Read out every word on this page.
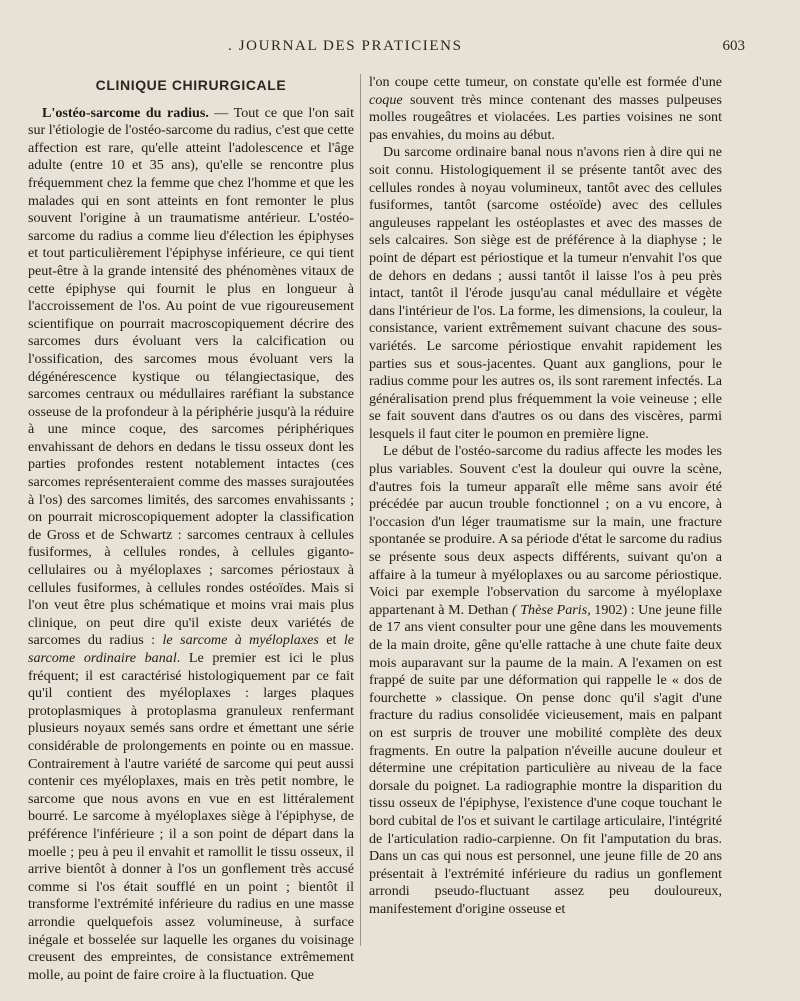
. JOURNAL DES PRATICIENS	603
CLINIQUE CHIRURGICALE

L'ostéo-sarcome du radius. — Tout ce que l'on sait sur l'étiologie de l'ostéo-sarcome du radius, c'est que cette affection est rare, qu'elle atteint l'adolescence et l'âge adulte (entre 10 et 35 ans), qu'elle se rencontre plus fréquemment chez la femme que chez l'homme et que les malades qui en sont atteints en font remonter le plus souvent l'origine à un traumatisme antérieur. L'ostéo-sarcome du radius a comme lieu d'élection les épiphyses et tout particulièrement l'épiphyse inférieure, ce qui tient peut-être à la grande intensité des phénomènes vitaux de cette épiphyse qui fournit le plus en longueur à l'accroissement de l'os. Au point de vue rigoureusement scientifique on pourrait macroscopiquement décrire des sarcomes durs évoluant vers la calcification ou l'ossification, des sarcomes mous évoluant vers la dégénérescence kystique ou télangiectasique, des sarcomes centraux ou médullaires raréfiant la substance osseuse de la profondeur à la périphérie jusqu'à la réduire à une mince coque, des sarcomes périphériques envahissant de dehors en dedans le tissu osseux dont les parties profondes restent notablement intactes (ces sarcomes représenteraient comme des masses surajoutées à l'os) des sarcomes limités, des sarcomes envahissants ; on pourrait microscopiquement adopter la classification de Gross et de Schwartz : sarcomes centraux à cellules fusiformes, à cellules rondes, à cellules giganto-cellulaires ou à myéloplaxes ; sarcomes périostaux à cellules fusiformes, à cellules rondes ostéoïdes. Mais si l'on veut être plus schématique et moins vrai mais plus clinique, on peut dire qu'il existe deux variétés de sarcomes du radius : le sarcome à myéloplaxes et le sarcome ordinaire banal. Le premier est ici le plus fréquent; il est caractérisé histologiquement par ce fait qu'il contient des myéloplaxes : larges plaques protoplasmiques à protoplasma granuleux renfermant plusieurs noyaux semés sans ordre et émettant une série considérable de prolongements en pointe ou en massue. Contrairement à l'autre variété de sarcome qui peut aussi contenir ces myéloplaxes, mais en très petit nombre, le sarcome que nous avons en vue en est littéralement bourré. Le sarcome à myéloplaxes siège à l'épiphyse, de préférence l'inférieure ; il a son point de départ dans la moelle ; peu à peu il envahit et ramollit le tissu osseux, il arrive bientôt à donner à l'os un gonflement très accusé comme si l'os était soufflé en un point ; bientôt il transforme l'extrémité inférieure du radius en une masse arrondie quelquefois assez volumineuse, à surface inégale et bosselée sur laquelle les organes du voisinage creusent des empreintes, de consistance extrêmement molle, au point de faire croire à la fluctuation. Que

l'on coupe cette tumeur, on constate qu'elle est formée d'une coque souvent très mince contenant des masses pulpeuses molles rougeâtres et violacées. Les parties voisines ne sont pas envahies, du moins au début.

Du sarcome ordinaire banal nous n'avons rien à dire qui ne soit connu. Histologiquement il se présente tantôt avec des cellules rondes à noyau volumineux, tantôt avec des cellules fusiformes, tantôt (sarcome ostéoïde) avec des cellules anguleuses rappelant les ostéoplastes et avec des masses de sels calcaires. Son siège est de préférence à la diaphyse ; le point de départ est périostique et la tumeur n'envahit l'os que de dehors en dedans ; aussi tantôt il laisse l'os à peu près intact, tantôt il l'érode jusqu'au canal médullaire et végète dans l'intérieur de l'os. La forme, les dimensions, la couleur, la consistance, varient extrêmement suivant chacune des sous-variétés. Le sarcome périostique envahit rapidement les parties sus et sous-jacentes. Quant aux ganglions, pour le radius comme pour les autres os, ils sont rarement infectés. La généralisation prend plus fréquemment la voie veineuse ; elle se fait souvent dans d'autres os ou dans des viscères, parmi lesquels il faut citer le poumon en première ligne.

Le début de l'ostéo-sarcome du radius affecte les modes les plus variables. Souvent c'est la douleur qui ouvre la scène, d'autres fois la tumeur apparaît elle même sans avoir été précédée par aucun trouble fonctionnel ; on a vu encore, à l'occasion d'un léger traumatisme sur la main, une fracture spontanée se produire. A sa période d'état le sarcome du radius se présente sous deux aspects différents, suivant qu'on a affaire à la tumeur à myéloplaxes ou au sarcome périostique. Voici par exemple l'observation du sarcome à myéloplaxe appartenant à M. Dethan ( Thèse Paris, 1902) : Une jeune fille de 17 ans vient consulter pour une gêne dans les mouvements de la main droite, gêne qu'elle rattache à une chute faite deux mois auparavant sur la paume de la main. A l'examen on est frappé de suite par une déformation qui rappelle le « dos de fourchette » classique. On pense donc qu'il s'agit d'une fracture du radius consolidée vicieusement, mais en palpant on est surpris de trouver une mobilité complète des deux fragments. En outre la palpation n'éveille aucune douleur et détermine une crépitation particulière au niveau de la face dorsale du poignet. La radiographie montre la disparition du tissu osseux de l'épiphyse, l'existence d'une coque touchant le bord cubital de l'os et suivant le cartilage articulaire, l'intégrité de l'articulation radio-carpienne. On fit l'amputation du bras. Dans un cas qui nous est personnel, une jeune fille de 20 ans présentait à l'extrémité inférieure du radius un gonflement arrondi pseudo-fluctuant assez peu douloureux, manifestement d'origine osseuse et
